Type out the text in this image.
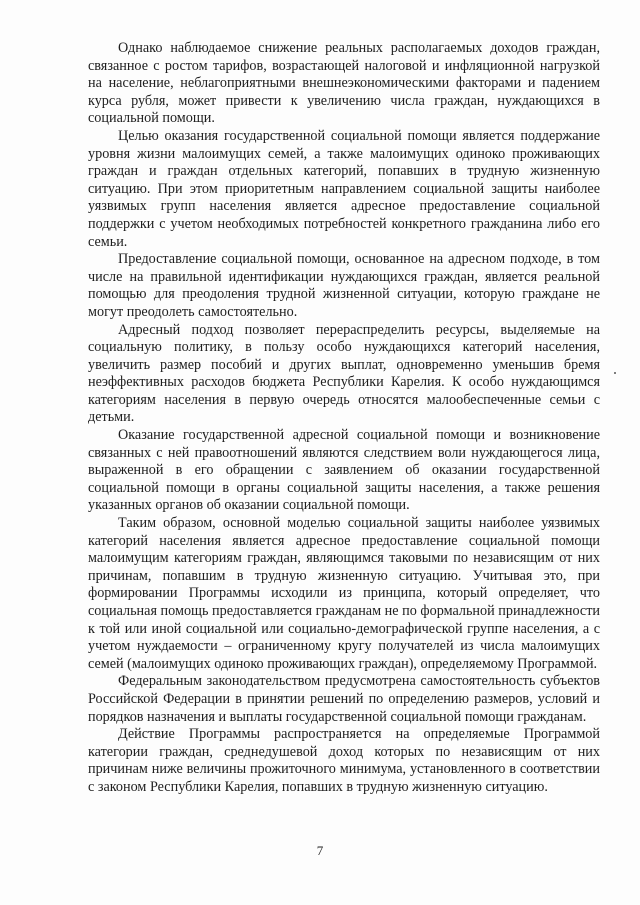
Однако наблюдаемое снижение реальных располагаемых доходов граждан, связанное с ростом тарифов, возрастающей налоговой и инфляционной нагрузкой на население, неблагоприятными внешнеэкономическими факторами и падением курса рубля, может привести к увеличению числа граждан, нуждающихся в социальной помощи.

Целью оказания государственной социальной помощи является поддержание уровня жизни малоимущих семей, а также малоимущих одиноко проживающих граждан и граждан отдельных категорий, попавших в трудную жизненную ситуацию. При этом приоритетным направлением социальной защиты наиболее уязвимых групп населения является адресное предоставление социальной поддержки с учетом необходимых потребностей конкретного гражданина либо его семьи.

Предоставление социальной помощи, основанное на адресном подходе, в том числе на правильной идентификации нуждающихся граждан, является реальной помощью для преодоления трудной жизненной ситуации, которую граждане не могут преодолеть самостоятельно.

Адресный подход позволяет перераспределить ресурсы, выделяемые на социальную политику, в пользу особо нуждающихся категорий населения, увеличить размер пособий и других выплат, одновременно уменьшив бремя неэффективных расходов бюджета Республики Карелия. К особо нуждающимся категориям населения в первую очередь относятся малообеспеченные семьи с детьми.

Оказание государственной адресной социальной помощи и возникновение связанных с ней правоотношений являются следствием воли нуждающегося лица, выраженной в его обращении с заявлением об оказании государственной социальной помощи в органы социальной защиты населения, а также решения указанных органов об оказании социальной помощи.

Таким образом, основной моделью социальной защиты наиболее уязвимых категорий населения является адресное предоставление социальной помощи малоимущим категориям граждан, являющимся таковыми по независящим от них причинам, попавшим в трудную жизненную ситуацию. Учитывая это, при формировании Программы исходили из принципа, который определяет, что социальная помощь предоставляется гражданам не по формальной принадлежности к той или иной социальной или социально-демографической группе населения, а с учетом нуждаемости – ограниченному кругу получателей из числа малоимущих семей (малоимущих одиноко проживающих граждан), определяемому Программой.

Федеральным законодательством предусмотрена самостоятельность субъектов Российской Федерации в принятии решений по определению размеров, условий и порядков назначения и выплаты государственной социальной помощи гражданам.

Действие Программы распространяется на определяемые Программой категории граждан, среднедушевой доход которых по независящим от них причинам ниже величины прожиточного минимума, установленного в соответствии с законом Республики Карелия, попавших в трудную жизненную ситуацию.

7
